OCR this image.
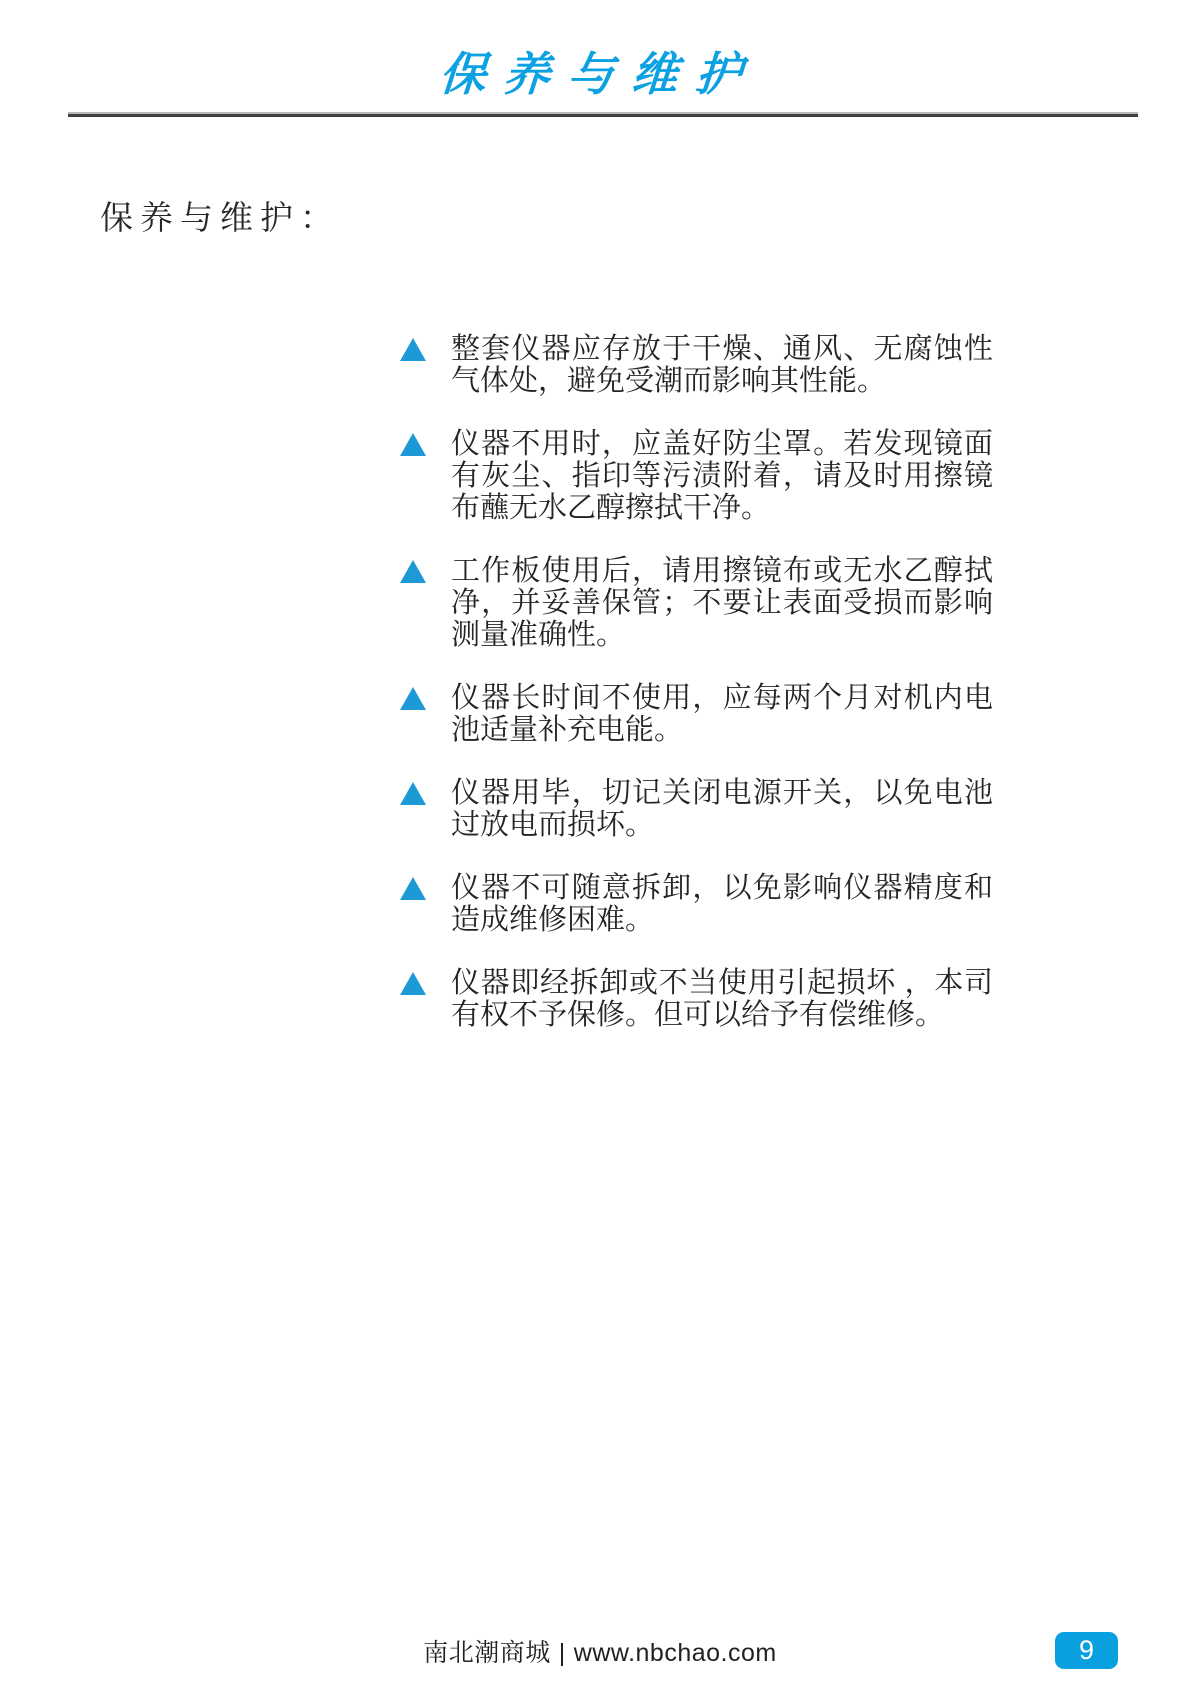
保养与维护
保养与维护：

整套仪器应存放于干燥、通风、无腐蚀性气体处，避免受潮而影响其性能。

仪器不用时，应盖好防尘罩。若发现镜面有灰尘、指印等污渍附着，请及时用擦镜布蘸无水乙醇擦拭干净。

工作板使用后，请用擦镜布或无水乙醇拭净，并妥善保管；不要让表面受损而影响测量准确性。

仪器长时间不使用，应每两个月对机内电池适量补充电能。

仪器用毕，切记关闭电源开关，以免电池过放电而损坏。

仪器不可随意拆卸，以免影响仪器精度和造成维修困难。

仪器即经拆卸或不当使用引起损坏 ，本司有权不予保修。但可以给予有偿维修。

南北潮商城 | www.nbchao.com	9
